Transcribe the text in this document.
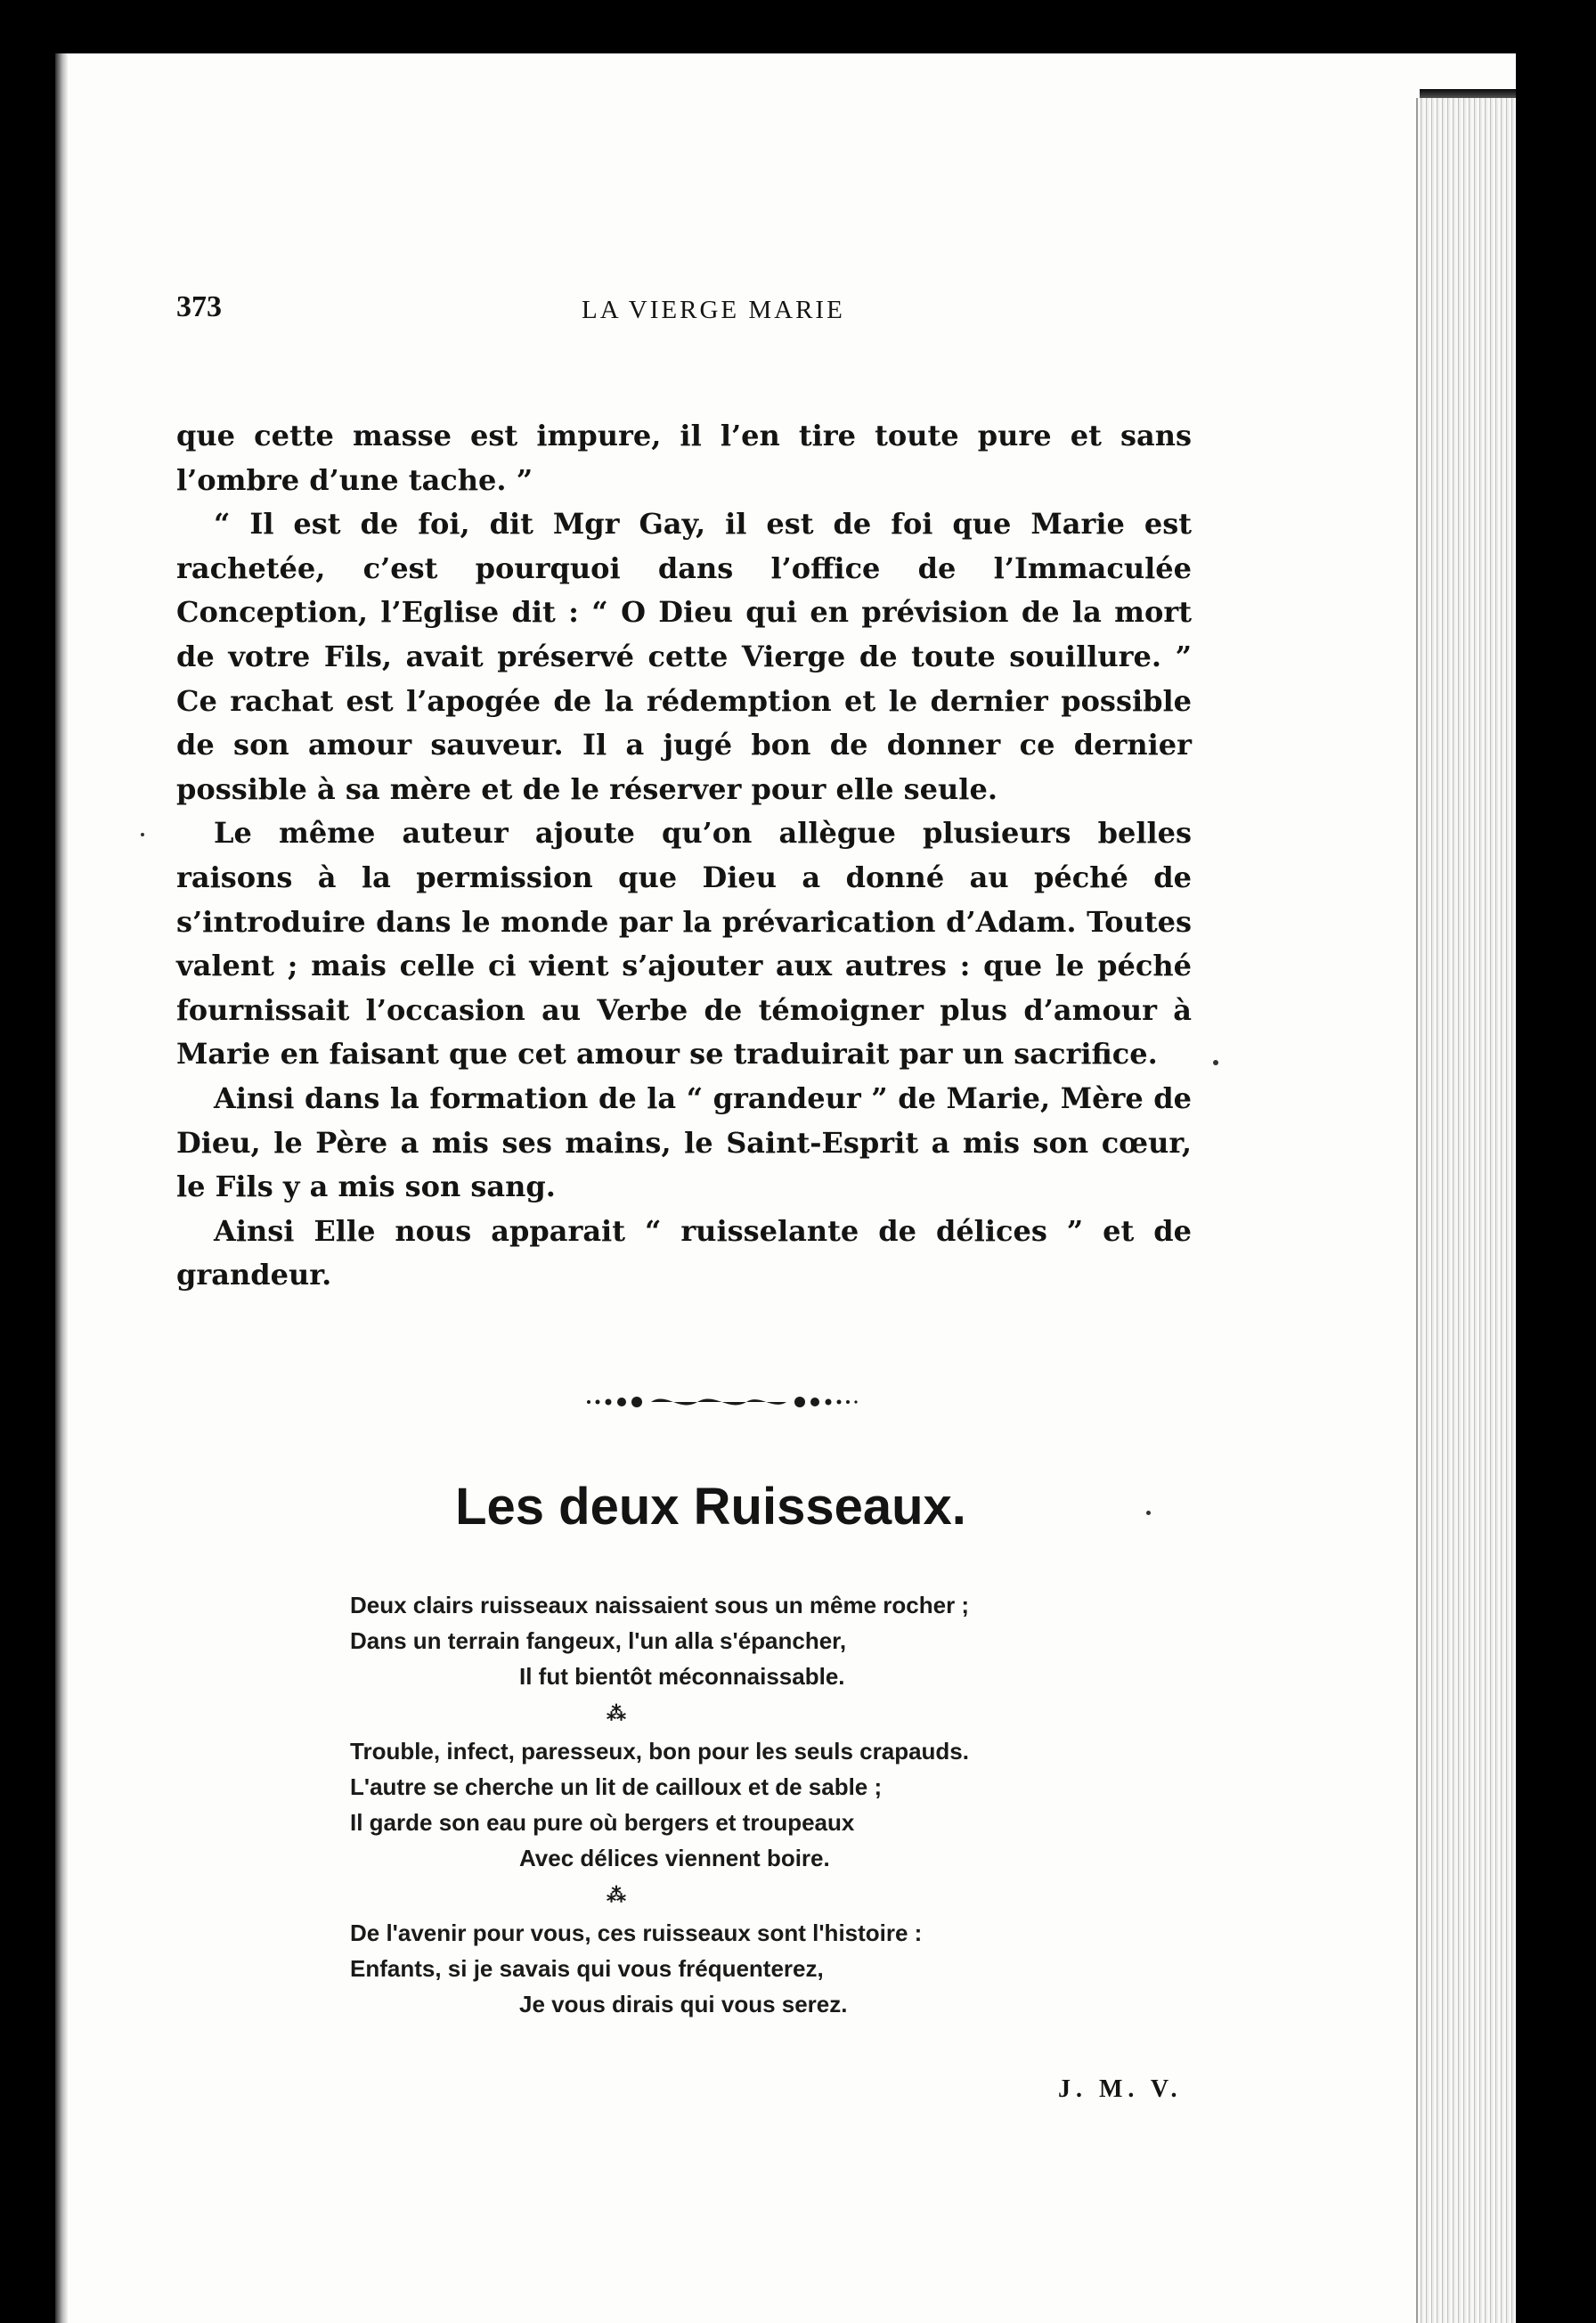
373	LA VIERGE MARIE

que cette masse est impure, il l’en tire toute pure et sans l’ombre d’une tache. ”

“ Il est de foi, dit Mgr Gay, il est de foi que Marie est rachetée, c’est pourquoi dans l’office de l’Immaculée Conception, l’Eglise dit : “ O Dieu qui en prévision de la mort de votre Fils, avait préservé cette Vierge de toute souillure. ” Ce rachat est l’apogée de la rédemption et le dernier possible de son amour sauveur. Il a jugé bon de donner ce dernier possible à sa mère et de le réserver pour elle seule.

Le même auteur ajoute qu’on allègue plusieurs belles raisons à la permission que Dieu a donné au péché de s’introduire dans le monde par la prévarication d’Adam. Toutes valent ; mais celle ci vient s’ajouter aux autres : que le péché fournissait l’occasion au Verbe de témoigner plus d’amour à Marie en faisant que cet amour se traduirait par un sacrifice.

Ainsi dans la formation de la “ grandeur ” de Marie, Mère de Dieu, le Père a mis ses mains, le Saint-Esprit a mis son cœur, le Fils y a mis son sang.

Ainsi Elle nous apparait “ ruisselante de délices ” et de grandeur.

Les deux Ruisseaux.
Deux clairs ruisseaux naissaient sous un même rocher ;
Dans un terrain fangeux, l'un alla s'épancher,
Il fut bientôt méconnaissable.
⁂
Trouble, infect, paresseux, bon pour les seuls crapauds.
L'autre se cherche un lit de cailloux et de sable ;
Il garde son eau pure où bergers et troupeaux
Avec délices viennent boire.
⁂
De l'avenir pour vous, ces ruisseaux sont l'histoire :
Enfants, si je savais qui vous fréquenterez,
Je vous dirais qui vous serez.
J. M. V.
